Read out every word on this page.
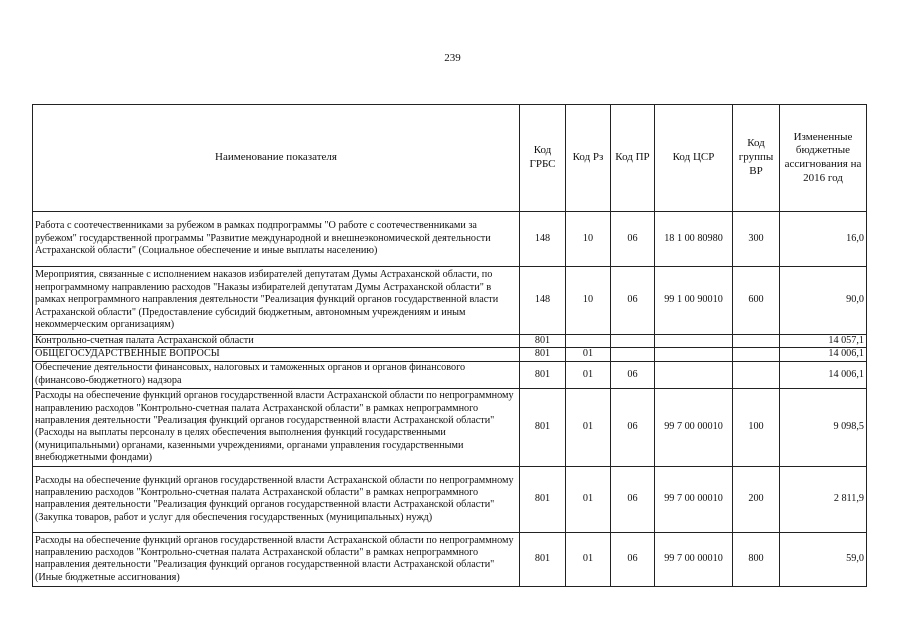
239
Наименование показателя	Код ГРБС	Код Рз	Код ПР	Код ЦСР	Код группы ВР	Измененные бюджетные ассигнования на 2016 год
Работа с соотечественниками за рубежом в рамках подпрограммы "О работе с соотечественниками за рубежом" государственной программы "Развитие международной и внешнеэкономической деятельности Астраханской области" (Социальное обеспечение и иные выплаты населению)	148	10	06	18 1 00 80980	300	16,0
Мероприятия, связанные с исполнением наказов избирателей депутатам Думы Астраханской области, по непрограммному направлению расходов "Наказы избирателей депутатам Думы Астраханской области" в рамках непрограммного направления деятельности "Реализация функций органов государственной власти Астраханской области" (Предоставление субсидий бюджетным, автономным учреждениям и иным некоммерческим организациям)	148	10	06	99 1 00 90010	600	90,0
Контрольно-счетная палата Астраханской области	801					14 057,1
ОБЩЕГОСУДАРСТВЕННЫЕ ВОПРОСЫ	801	01				14 006,1
Обеспечение деятельности финансовых, налоговых и таможенных органов и органов финансового (финансово-бюджетного) надзора	801	01	06			14 006,1
Расходы на обеспечение функций органов государственной власти Астраханской области по непрограммному направлению расходов "Контрольно-счетная палата Астраханской области" в рамках непрограммного направления деятельности "Реализация функций органов государственной власти Астраханской области" (Расходы на выплаты персоналу в целях обеспечения выполнения функций государственными (муниципальными) органами, казенными учреждениями, органами управления государственными внебюджетными фондами)	801	01	06	99 7 00 00010	100	9 098,5
Расходы на обеспечение функций органов государственной власти Астраханской области по непрограммному направлению расходов "Контрольно-счетная палата Астраханской области" в рамках непрограммного направления деятельности "Реализация функций органов государственной власти Астраханской области" (Закупка товаров, работ и услуг для обеспечения государственных (муниципальных) нужд)	801	01	06	99 7 00 00010	200	2 811,9
Расходы на обеспечение функций органов государственной власти Астраханской области по непрограммному направлению расходов "Контрольно-счетная палата Астраханской области" в рамках непрограммного направления деятельности "Реализация функций органов государственной власти Астраханской области" (Иные бюджетные ассигнования)	801	01	06	99 7 00 00010	800	59,0
